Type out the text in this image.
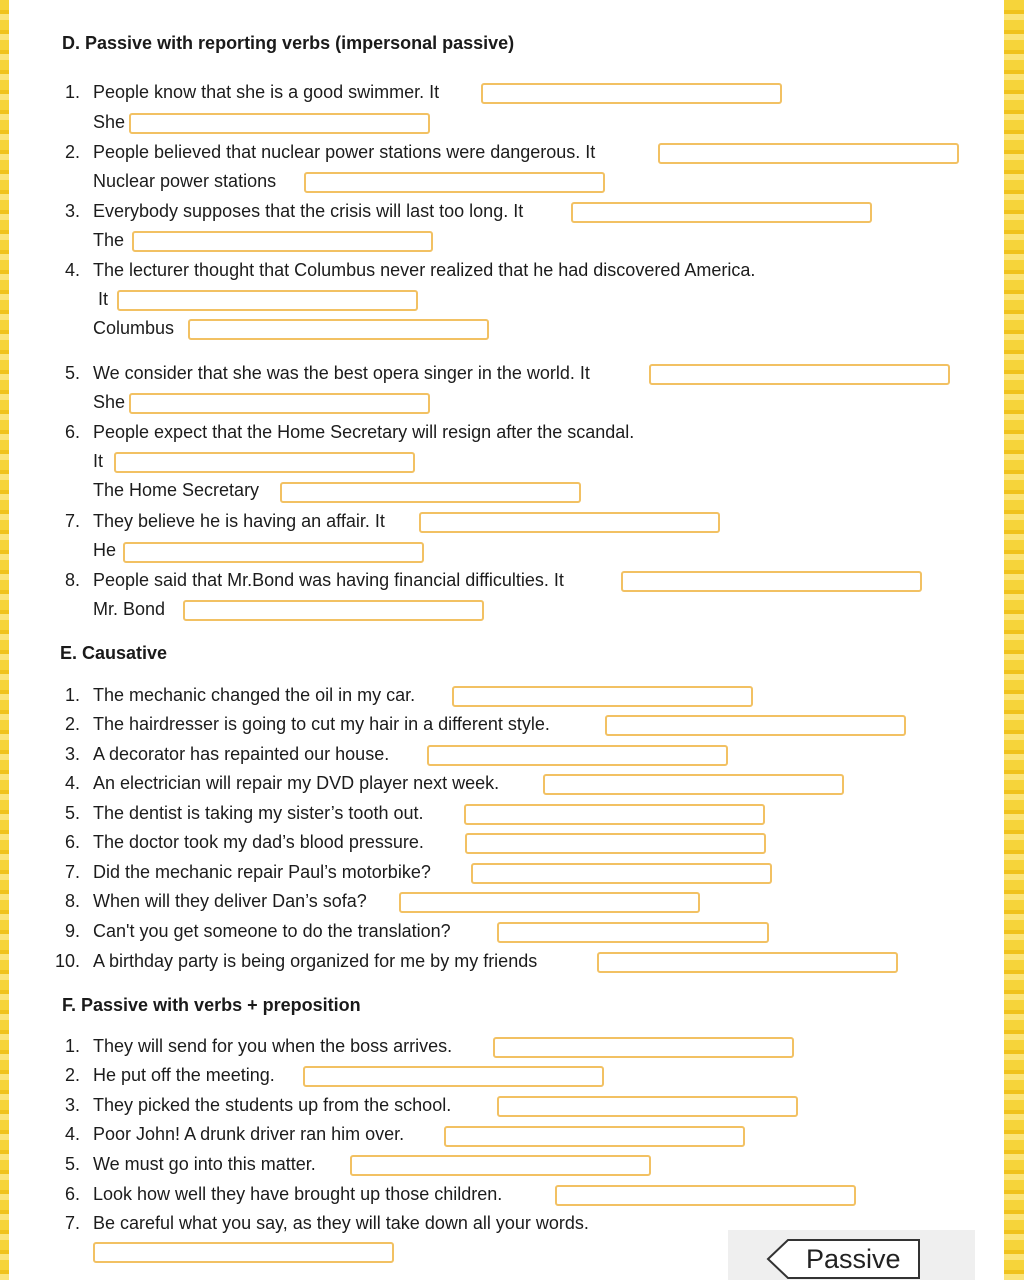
D. Passive with reporting verbs (impersonal passive)
1. People know that she is a good swimmer. It
She
2. People believed that nuclear power stations were dangerous. It
Nuclear power stations
3. Everybody supposes that the crisis will last too long. It
The
4. The lecturer thought that Columbus never realized that he had discovered America.
It
Columbus
5. We consider that she was the best opera singer in the world. It
She
6. People expect that the Home Secretary will resign after the scandal.
It
The Home Secretary
7. They believe he is having an affair. It
He
8. People said that Mr.Bond was having financial difficulties. It
Mr. Bond
E. Causative
1. The mechanic changed the oil in my car.
2. The hairdresser is going to cut my hair in a different style.
3. A decorator has repainted our house.
4. An electrician will repair my DVD player next week.
5. The dentist is taking my sister’s tooth out.
6. The doctor took my dad’s blood pressure.
7. Did the mechanic repair Paul’s motorbike?
8. When will they deliver Dan’s sofa?
9. Can't you get someone to do the translation?
10. A birthday party is being organized for me by my friends
F. Passive with verbs + preposition
1. They will send for you when the boss arrives.
2. He put off the meeting.
3. They picked the students up from the school.
4. Poor John! A drunk driver ran him over.
5. We must go into this matter.
6. Look how well they have brought up those children.
7. Be careful what you say, as they will take down all your words.
Passive
